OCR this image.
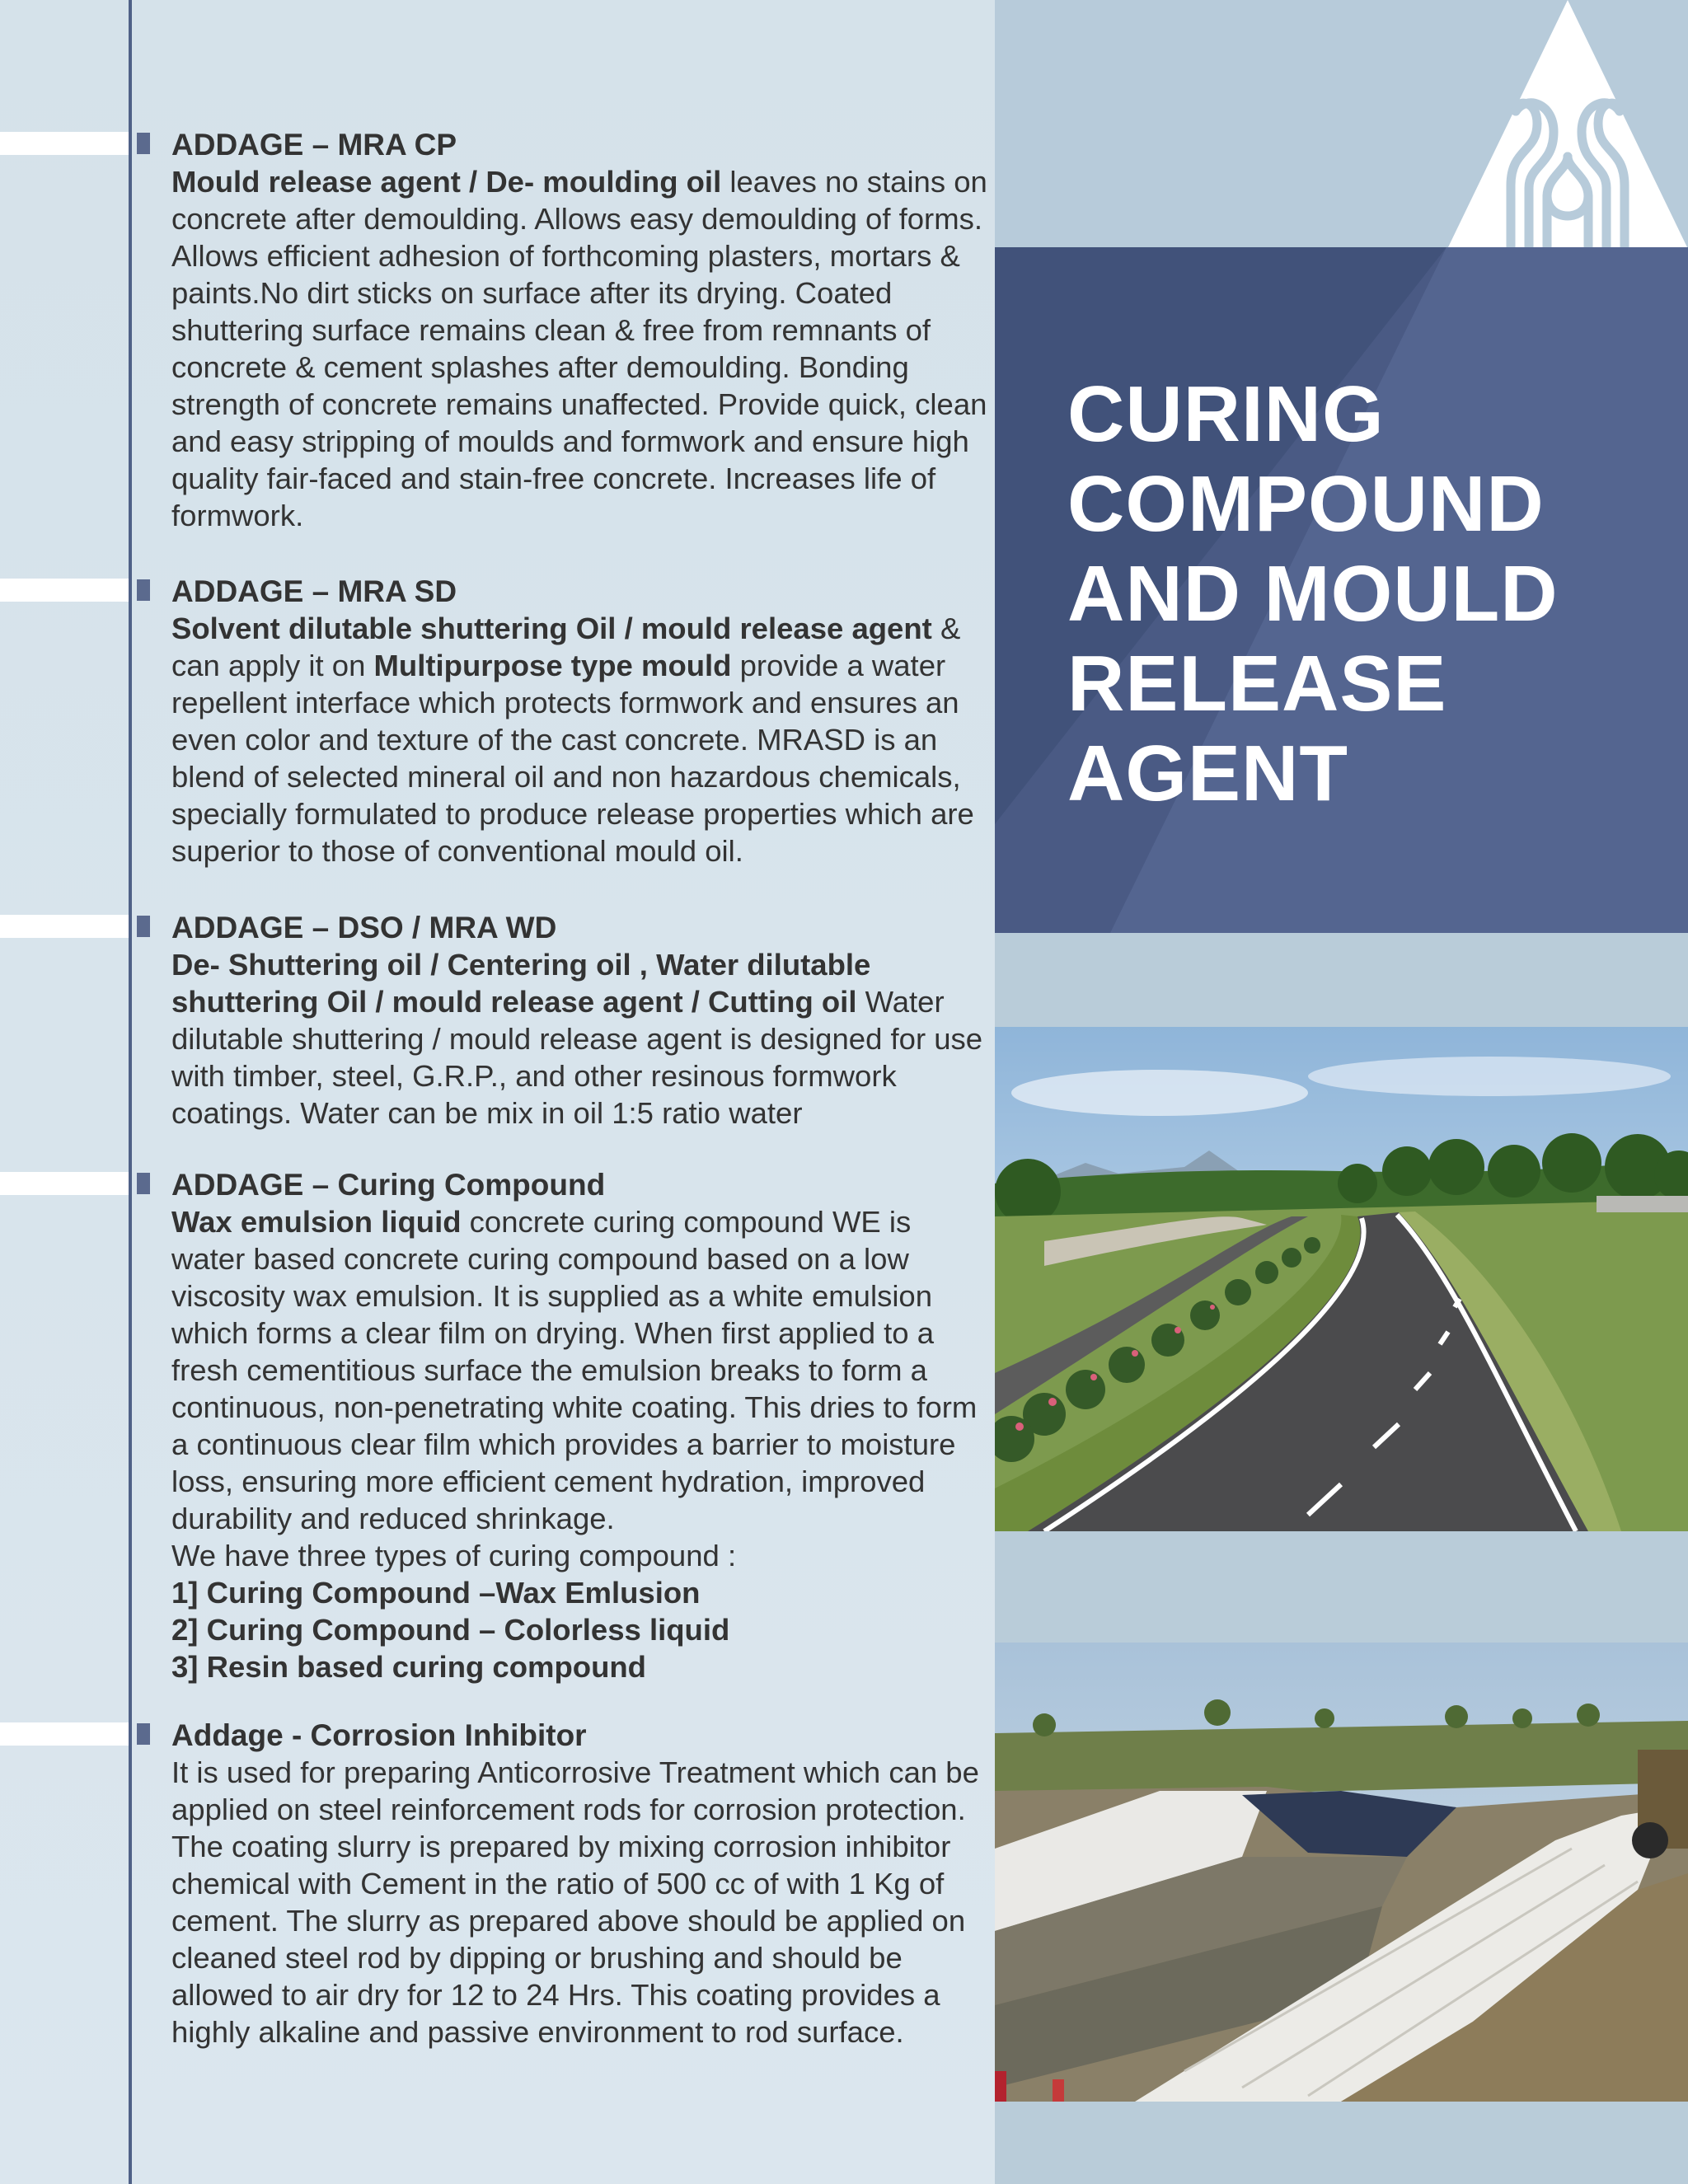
ADDAGE – MRA CP

Mould release agent / De- moulding oil leaves no stains on concrete after demoulding. Allows easy demoulding of forms. Allows efficient adhesion of forthcoming plasters, mortars & paints.No dirt sticks on surface after its drying. Coated shuttering surface remains clean & free from remnants of concrete & cement splashes after demoulding. Bonding strength of concrete remains unaffected. Provide quick, clean and easy stripping of moulds and formwork and ensure high quality fair-faced and stain-free concrete. Increases life of formwork.

ADDAGE – MRA SD

Solvent dilutable shuttering Oil / mould release agent & can apply it on Multipurpose type mould provide a water repellent interface which protects formwork and ensures an even color and texture of the cast concrete. MRASD is an blend of selected mineral oil and non hazardous chemicals, specially formulated to produce release properties which are superior to those of conventional mould oil.

ADDAGE – DSO / MRA WD

De- Shuttering oil / Centering oil , Water dilutable shuttering Oil / mould release agent / Cutting oil Water dilutable shuttering / mould release agent is designed for use with timber, steel, G.R.P., and other resinous formwork coatings. Water can be mix in oil 1:5 ratio water

ADDAGE – Curing Compound

Wax emulsion liquid concrete curing compound WE is water based concrete curing compound based on a low viscosity wax emulsion. It is supplied as a white emulsion which forms a clear film on drying. When first applied to a fresh cementitious surface the emulsion breaks to form a continuous, non-penetrating white coating. This dries to form a continuous clear film which provides a barrier to moisture loss, ensuring more efficient cement hydration, improved durability and reduced shrinkage.

We have three types of curing compound :

1] Curing Compound –Wax Emlusion
2] Curing Compound – Colorless liquid
3] Resin based curing compound
Addage - Corrosion Inhibitor

It is used for preparing Anticorrosive Treatment which can be applied on steel reinforcement rods for corrosion protection.

The coating slurry is prepared by mixing corrosion inhibitor chemical with Cement in the ratio of 500 cc of with 1 Kg of cement. The slurry as prepared above should be applied on cleaned steel rod by dipping or brushing and should be allowed to air dry for 12 to 24 Hrs. This coating provides a highly alkaline and passive environment to rod surface.

CURING
COMPOUND
AND MOULD
RELEASE
AGENT
